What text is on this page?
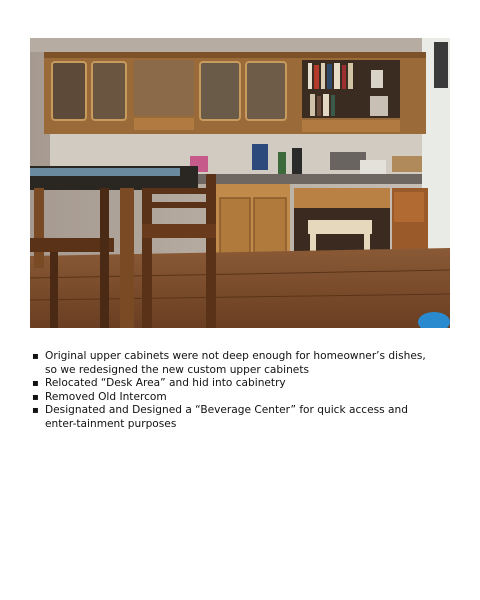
▪ Original upper cabinets were not deep enough for homeowner’s dishes, so we redesigned the new custom upper cabinets
▪ Relocated “Desk Area” and hid into cabinetry
▪ Removed Old Intercom
▪ Designated and Designed a “Beverage Center” for quick access and enter-tainment purposes
